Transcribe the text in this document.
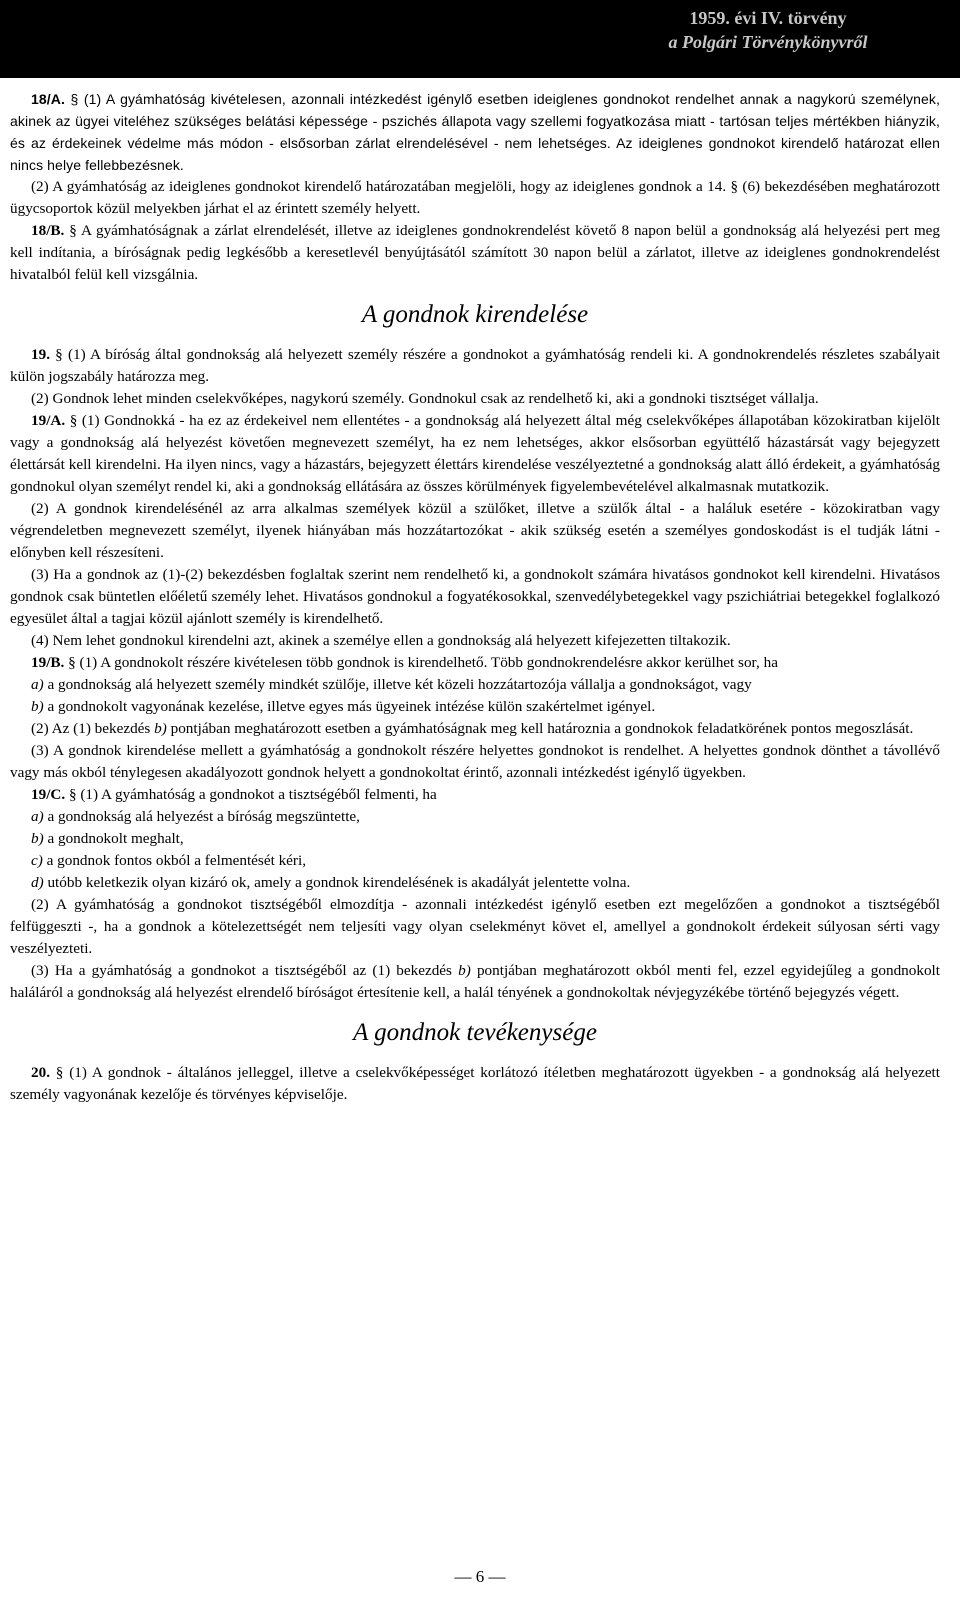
1959. évi IV. törvény
a Polgári Törvénykönyvről

18/A. § (1) A gyámhatóság kivételesen, azonnali intézkedést igénylő esetben ideiglenes gondnokot rendelhet annak a nagykorú személynek, akinek az ügyei viteléhez szükséges belátási képessége - pszichés állapota vagy szellemi fogyatkozása miatt - tartósan teljes mértékben hiányzik, és az érdekeinek védelme más módon - elsősorban zárlat elrendelésével - nem lehetséges. Az ideiglenes gondnokot kirendelő határozat ellen nincs helye fellebbezésnek.

(2) A gyámhatóság az ideiglenes gondnokot kirendelő határozatában megjelöli, hogy az ideiglenes gondnok a 14. § (6) bekezdésében meghatározott ügycsoportok közül melyekben járhat el az érintett személy helyett.

18/B. § A gyámhatóságnak a zárlat elrendelését, illetve az ideiglenes gondnokrendelést követő 8 napon belül a gondnokság alá helyezési pert meg kell indítania, a bíróságnak pedig legkésőbb a keresetlevél benyújtásától számított 30 napon belül a zárlatot, illetve az ideiglenes gondnokrendelést hivatalból felül kell vizsgálnia.

A gondnok kirendelése

19. § (1) A bíróság által gondnokság alá helyezett személy részére a gondnokot a gyámhatóság rendeli ki. A gondnokrendelés részletes szabályait külön jogszabály határozza meg.

(2) Gondnok lehet minden cselekvőképes, nagykorú személy. Gondnokul csak az rendelhető ki, aki a gondnoki tisztséget vállalja.

19/A. § (1) Gondnokká - ha ez az érdekeivel nem ellentétes - a gondnokság alá helyezett által még cselekvőképes állapotában közokiratban kijelölt vagy a gondnokság alá helyezést követően megnevezett személyt, ha ez nem lehetséges, akkor elsősorban együttélő házastársát vagy bejegyzett élettársát kell kirendelni. Ha ilyen nincs, vagy a házastárs, bejegyzett élettárs kirendelése veszélyeztetné a gondnokság alatt álló érdekeit, a gyámhatóság gondnokul olyan személyt rendel ki, aki a gondnokság ellátására az összes körülmények figyelembevételével alkalmasnak mutatkozik.

(2) A gondnok kirendelésénél az arra alkalmas személyek közül a szülőket, illetve a szülők által - a haláluk esetére - közokiratban vagy végrendeletben megnevezett személyt, ilyenek hiányában más hozzátartozókat - akik szükség esetén a személyes gondoskodást is el tudják látni - előnyben kell részesíteni.

(3) Ha a gondnok az (1)-(2) bekezdésben foglaltak szerint nem rendelhető ki, a gondnokolt számára hivatásos gondnokot kell kirendelni. Hivatásos gondnok csak büntetlen előéletű személy lehet. Hivatásos gondnokul a fogyatékosokkal, szenvedélybetegekkel vagy pszichiátriai betegekkel foglalkozó egyesület által a tagjai közül ajánlott személy is kirendelhető.

(4) Nem lehet gondnokul kirendelni azt, akinek a személye ellen a gondnokság alá helyezett kifejezetten tiltakozik.

19/B. § (1) A gondnokolt részére kivételesen több gondnok is kirendelhető. Több gondnokrendelésre akkor kerülhet sor, ha

a) a gondnokság alá helyezett személy mindkét szülője, illetve két közeli hozzátartozója vállalja a gondnokságot, vagy

b) a gondnokolt vagyonának kezelése, illetve egyes más ügyeinek intézése külön szakértelmet igényel.

(2) Az (1) bekezdés b) pontjában meghatározott esetben a gyámhatóságnak meg kell határoznia a gondnokok feladatkörének pontos megoszlását.

(3) A gondnok kirendelése mellett a gyámhatóság a gondnokolt részére helyettes gondnokot is rendelhet. A helyettes gondnok dönthet a távollévő vagy más okból ténylegesen akadályozott gondnok helyett a gondnokoltat érintő, azonnali intézkedést igénylő ügyekben.

19/C. § (1) A gyámhatóság a gondnokot a tisztségéből felmenti, ha

a) a gondnokság alá helyezést a bíróság megszüntette,

b) a gondnokolt meghalt,

c) a gondnok fontos okból a felmentését kéri,

d) utóbb keletkezik olyan kizáró ok, amely a gondnok kirendelésének is akadályát jelentette volna.

(2) A gyámhatóság a gondnokot tisztségéből elmozdítja - azonnali intézkedést igénylő esetben ezt megelőzően a gondnokot a tisztségéből felfüggeszti -, ha a gondnok a kötelezettségét nem teljesíti vagy olyan cselekményt követ el, amellyel a gondnokolt érdekeit súlyosan sérti vagy veszélyezteti.

(3) Ha a gyámhatóság a gondnokot a tisztségéből az (1) bekezdés b) pontjában meghatározott okból menti fel, ezzel egyidejűleg a gondnokolt haláláról a gondnokság alá helyezést elrendelő bíróságot értesítenie kell, a halál tényének a gondnokoltak névjegyzékébe történő bejegyzés végett.

A gondnok tevékenysége

20. § (1) A gondnok - általános jelleggel, illetve a cselekvőképességet korlátozó ítéletben meghatározott ügyekben - a gondnokság alá helyezett személy vagyonának kezelője és törvényes képviselője.

— 6 —
